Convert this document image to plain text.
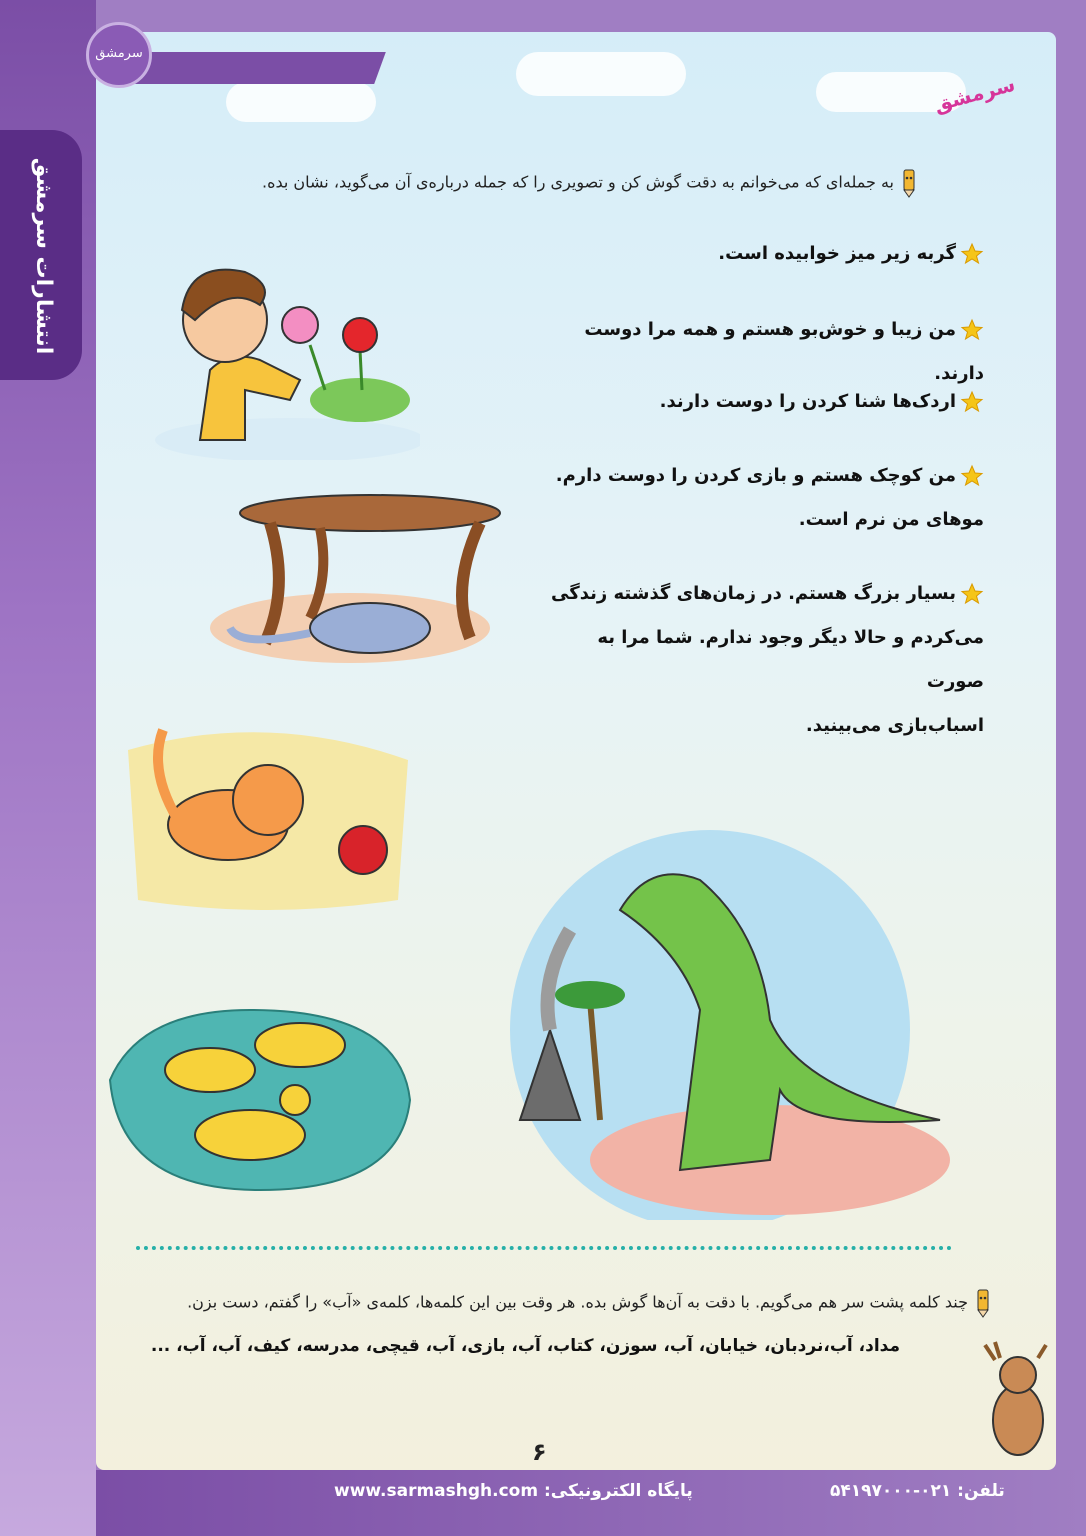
سرمشق
انتشارات سرمشق
سرمشق
به جمله‌ای که می‌خوانم به دقت گوش کن و تصویری را که جمله درباره‌ی آن می‌گوید، نشان بده.
گربه زیر میز خوابیده است.
من زیبا و خوش‌بو هستم و همه مرا دوست دارند.
اردک‌ها شنا کردن را دوست دارند.
من کوچک هستم و بازی کردن را دوست دارم.
موهای من نرم است.
بسیار بزرگ هستم. در زمان‌های گذشته زندگی
می‌کردم و حالا دیگر وجود ندارم. شما مرا به صورت
اسباب‌بازی می‌بینید.
چند کلمه پشت سر هم می‌گویم. با دقت به آن‌ها گوش بده. هر وقت بین این کلمه‌ها، کلمه‌ی «آب» را گفتم، دست بزن.
مداد، آب،نردبان، خیابان، آب، سوزن، کتاب، آب، بازی، آب، قیچی، مدرسه، کیف، آب، آب، ...
۶
پایگاه الکترونیکی: www.sarmashgh.com	تلفن: ۰۲۱-۵۴۱۹۷۰۰۰
